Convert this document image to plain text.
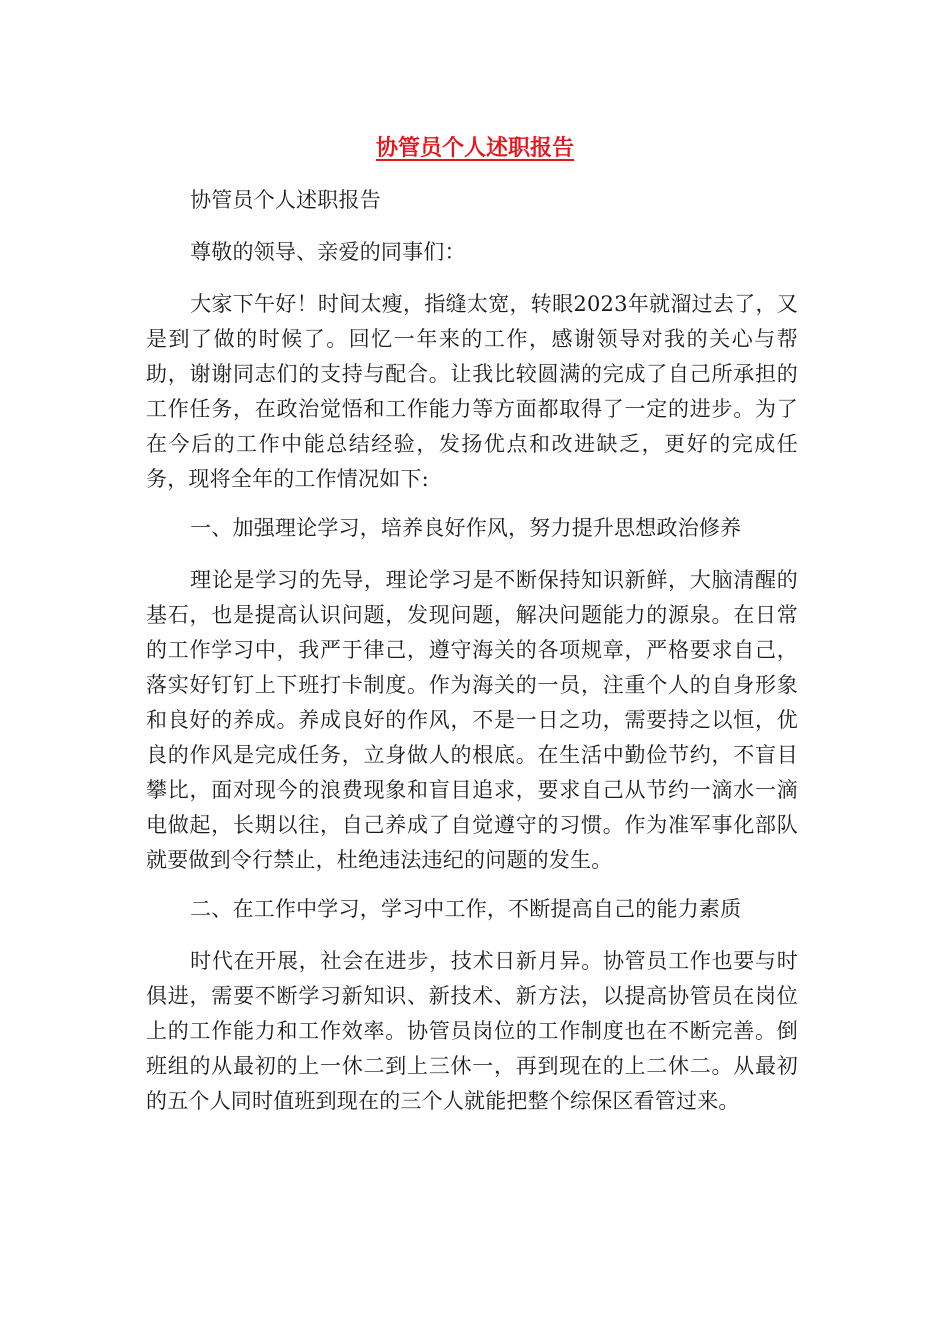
协管员个人述职报告

协管员个人述职报告

尊敬的领导、亲爱的同事们：

大家下午好！时间太瘦，指缝太宽，转眼2023年就溜过去了，又是到了做的时候了。回忆一年来的工作，感谢领导对我的关心与帮助，谢谢同志们的支持与配合。让我比较圆满的完成了自己所承担的工作任务，在政治觉悟和工作能力等方面都取得了一定的进步。为了在今后的工作中能总结经验，发扬优点和改进缺乏，更好的完成任务，现将全年的工作情况如下:

一、加强理论学习，培养良好作风，努力提升思想政治修养

理论是学习的先导，理论学习是不断保持知识新鲜，大脑清醒的基石，也是提高认识问题，发现问题，解决问题能力的源泉。在日常的工作学习中，我严于律己，遵守海关的各项规章，严格要求自己，落实好钉钉上下班打卡制度。作为海关的一员，注重个人的自身形象和良好的养成。养成良好的作风，不是一日之功，需要持之以恒，优良的作风是完成任务，立身做人的根底。在生活中勤俭节约，不盲目攀比，面对现今的浪费现象和盲目追求，要求自己从节约一滴水一滴电做起，长期以往，自己养成了自觉遵守的习惯。作为准军事化部队就要做到令行禁止，杜绝违法违纪的问题的发生。

二、在工作中学习，学习中工作，不断提高自己的能力素质

时代在开展，社会在进步，技术日新月异。协管员工作也要与时俱进，需要不断学习新知识、新技术、新方法，以提高协管员在岗位上的工作能力和工作效率。协管员岗位的工作制度也在不断完善。倒班组的从最初的上一休二到上三休一，再到现在的上二休二。从最初的五个人同时值班到现在的三个人就能把整个综保区看管过来。
